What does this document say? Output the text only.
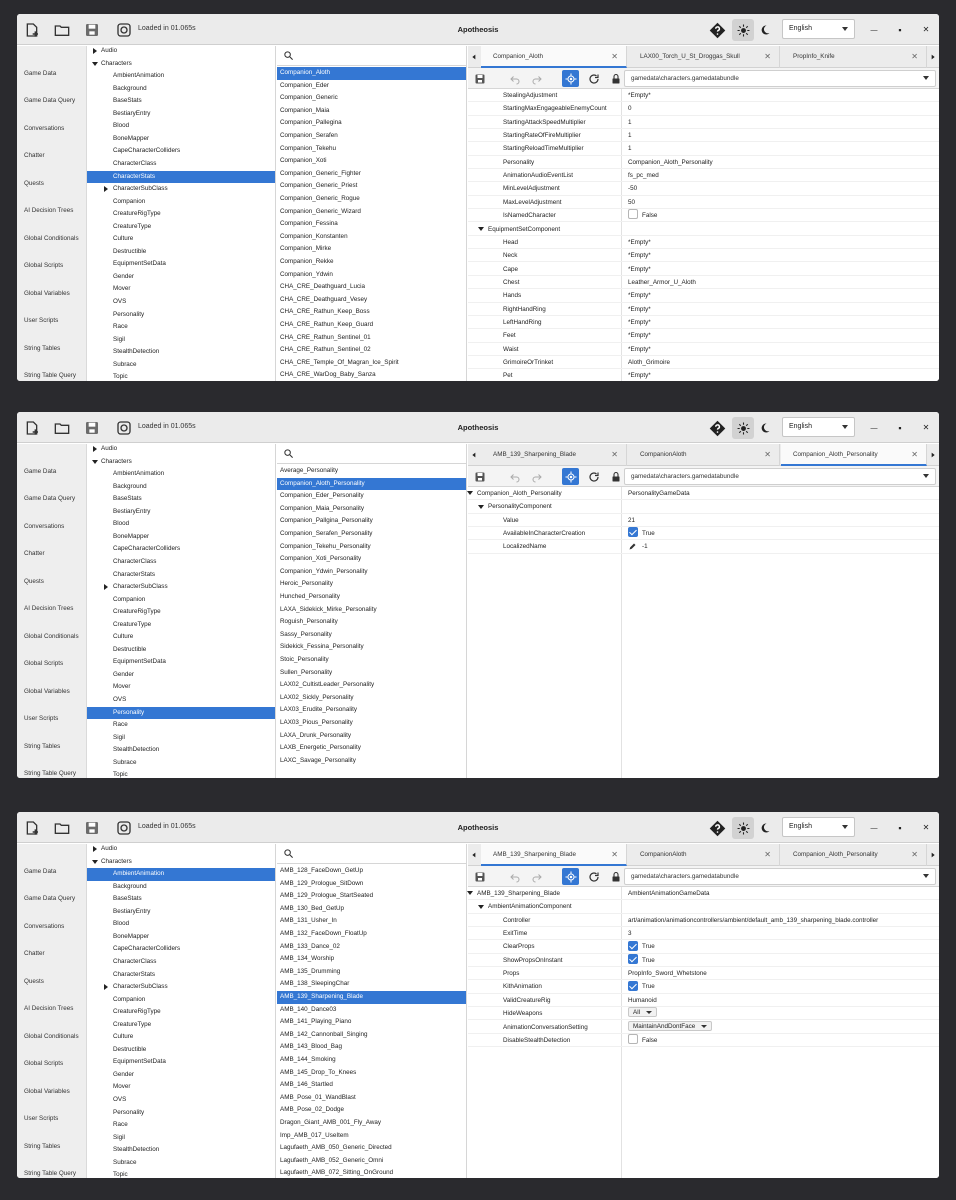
Loaded in 01.065s	Apotheosis	English	—	▪	✕
Game Data
Game Data Query
Conversations
Chatter
Quests
AI Decision Trees
Global Conditionals
Global Scripts
Global Variables
User Scripts
String Tables
String Table Query
Audio
Characters
AmbientAnimation
Background
BaseStats
BestiaryEntry
Blood
BoneMapper
CapeCharacterColliders
CharacterClass
CharacterStats
CharacterSubClass
Companion
CreatureRigType
CreatureType
Culture
Destructible
EquipmentSetData
Gender
Mover
OVS
Personality
Race
Sigil
StealthDetection
Subrace
Topic
Companion_Aloth
Companion_Eder
Companion_Generic
Companion_Maia
Companion_Pallegina
Companion_Serafen
Companion_Tekehu
Companion_Xoti
Companion_Generic_Fighter
Companion_Generic_Priest
Companion_Generic_Rogue
Companion_Generic_Wizard
Companion_Fessina
Companion_Konstanten
Companion_Mirke
Companion_Rekke
Companion_Ydwin
CHA_CRE_Deathguard_Lucia
CHA_CRE_Deathguard_Vesey
CHA_CRE_Rathun_Keep_Boss
CHA_CRE_Rathun_Keep_Guard
CHA_CRE_Rathun_Sentinel_01
CHA_CRE_Rathun_Sentinel_02
CHA_CRE_Temple_Of_Magran_Ice_Spirit
CHA_CRE_WarDog_Baby_Sanza
Companion_Aloth	✕	LAX00_Torch_U_St_Droggas_Skull	✕	PropInfo_Knife	✕
gamedata\characters.gamedatabundle
StealingAdjustment	*Empty*
StartingMaxEngageableEnemyCount	0
StartingAttackSpeedMultiplier	1
StartingRateOfFireMultiplier	1
StartingReloadTimeMultiplier	1
Personality	Companion_Aloth_Personality
AnimationAudioEventList	fs_pc_med
MinLevelAdjustment	-50
MaxLevelAdjustment	50
IsNamedCharacter	False
EquipmentSetComponent
Head	*Empty*
Neck	*Empty*
Cape	*Empty*
Chest	Leather_Armor_U_Aloth
Hands	*Empty*
RightHandRing	*Empty*
LeftHandRing	*Empty*
Feet	*Empty*
Waist	*Empty*
GrimoireOrTrinket	Aloth_Grimoire
Pet	*Empty*
Loaded in 01.065s	Apotheosis	English	—	▪	✕
Game Data
Game Data Query
Conversations
Chatter
Quests
AI Decision Trees
Global Conditionals
Global Scripts
Global Variables
User Scripts
String Tables
String Table Query
Audio
Characters
AmbientAnimation
Background
BaseStats
BestiaryEntry
Blood
BoneMapper
CapeCharacterColliders
CharacterClass
CharacterStats
CharacterSubClass
Companion
CreatureRigType
CreatureType
Culture
Destructible
EquipmentSetData
Gender
Mover
OVS
Personality
Race
Sigil
StealthDetection
Subrace
Topic
Average_Personality
Companion_Aloth_Personality
Companion_Eder_Personality
Companion_Maia_Personality
Companion_Pallgina_Personality
Companion_Serafen_Personality
Companion_Tekehu_Personality
Companion_Xoti_Personality
Companion_Ydwin_Personality
Heroic_Personality
Hunched_Personality
LAXA_Sidekick_Mirke_Personality
Roguish_Personality
Sassy_Personality
Sidekick_Fessina_Personality
Stoic_Personality
Sullen_Personality
LAX02_CultistLeader_Personality
LAX02_Sickly_Personality
LAX03_Erudite_Personality
LAX03_Pious_Personality
LAXA_Drunk_Personality
LAXB_Energetic_Personality
LAXC_Savage_Personality
AMB_139_Sharpening_Blade	✕	CompanionAloth	✕	Companion_Aloth_Personality	✕
gamedata\characters.gamedatabundle
Companion_Aloth_Personality	PersonalityGameData
PersonalityComponent
Value	21
AvailableInCharacterCreation	True
LocalizedName	-1
Loaded in 01.065s	Apotheosis	English	—	▪	✕
Game Data
Game Data Query
Conversations
Chatter
Quests
AI Decision Trees
Global Conditionals
Global Scripts
Global Variables
User Scripts
String Tables
String Table Query
Audio
Characters
AmbientAnimation
Background
BaseStats
BestiaryEntry
Blood
BoneMapper
CapeCharacterColliders
CharacterClass
CharacterStats
CharacterSubClass
Companion
CreatureRigType
CreatureType
Culture
Destructible
EquipmentSetData
Gender
Mover
OVS
Personality
Race
Sigil
StealthDetection
Subrace
Topic
AMB_128_FaceDown_GetUp
AMB_129_Prologue_SitDown
AMB_129_Prologue_StartSeated
AMB_130_Bed_GetUp
AMB_131_Usher_In
AMB_132_FaceDown_FloatUp
AMB_133_Dance_02
AMB_134_Worship
AMB_135_Drumming
AMB_138_SleepingChar
AMB_139_Sharpening_Blade
AMB_140_Dance03
AMB_141_Playing_Piano
AMB_142_Cannonball_Singing
AMB_143_Blood_Bag
AMB_144_Smoking
AMB_145_Drop_To_Knees
AMB_146_Startled
AMB_Pose_01_WandBlast
AMB_Pose_02_Dodge
Dragon_Giant_AMB_001_Fly_Away
Imp_AMB_017_UseItem
Lagufaeth_AMB_050_Generic_Directed
Lagufaeth_AMB_052_Generic_Omni
Lagufaeth_AMB_072_Sitting_OnGround
AMB_139_Sharpening_Blade	✕	CompanionAloth	✕	Companion_Aloth_Personality	✕
gamedata\characters.gamedatabundle
AMB_139_Sharpening_Blade	AmbientAnimationGameData
AmbientAnimationComponent
Controller	art/animation/animationcontrollers/ambient/default_amb_139_sharpening_blade.controller
ExitTime	3
ClearProps	True
ShowPropsOnInstant	True
Props	PropInfo_Sword_Whetstone
KithAnimation	True
ValidCreatureRig	Humanoid
HideWeapons	All
AnimationConversationSetting	MaintainAndDontFace
DisableStealthDetection	False
